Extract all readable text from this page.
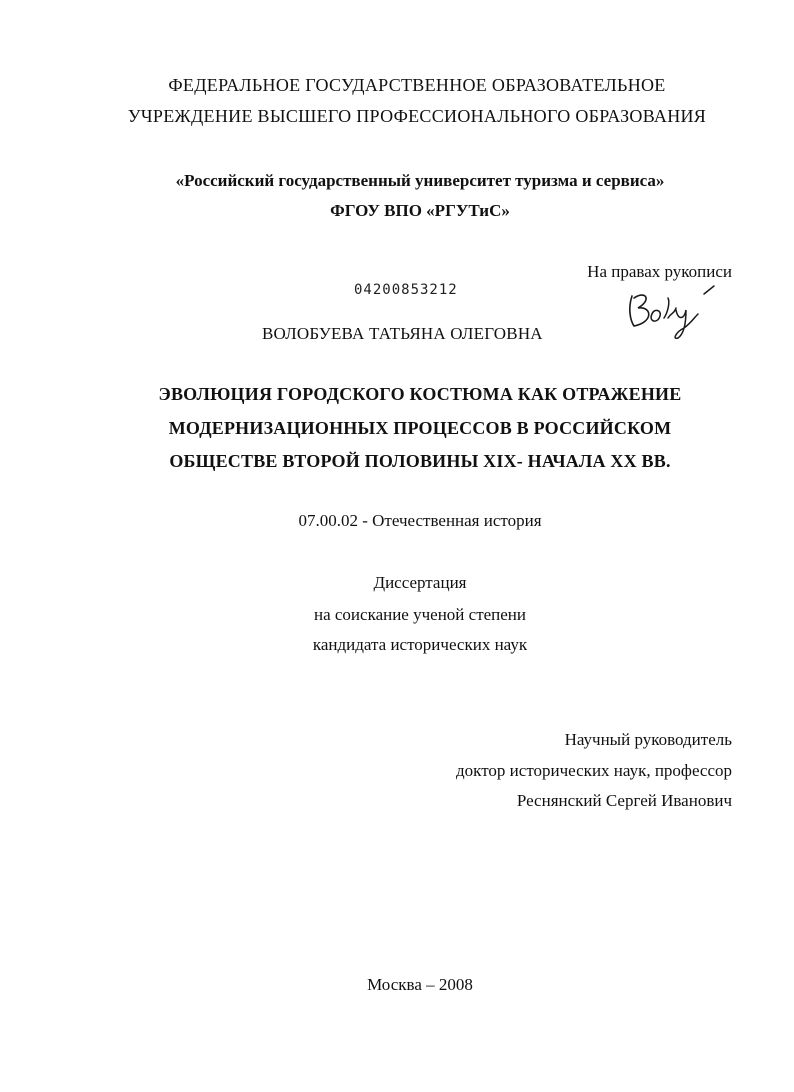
ФЕДЕРАЛЬНОЕ ГОСУДАРСТВЕННОЕ ОБРАЗОВАТЕЛЬНОЕ
УЧРЕЖДЕНИЕ ВЫСШЕГО ПРОФЕССИОНАЛЬНОГО ОБРАЗОВАНИЯ
«Российский государственный университет туризма и сервиса»
ФГОУ ВПО «РГУТиС»
На правах рукописи
04200853212
ВОЛОБУЕВА ТАТЬЯНА ОЛЕГОВНА
ЭВОЛЮЦИЯ ГОРОДСКОГО КОСТЮМА КАК ОТРАЖЕНИЕ
МОДЕРНИЗАЦИОННЫХ ПРОЦЕССОВ В РОССИЙСКОМ
ОБЩЕСТВЕ ВТОРОЙ ПОЛОВИНЫ XIX- НАЧАЛА XX ВВ.
07.00.02 - Отечественная история
Диссертация
на соискание ученой степени
кандидата исторических наук
Научный руководитель
доктор исторических наук, профессор
Реснянский Сергей Иванович
Москва – 2008
